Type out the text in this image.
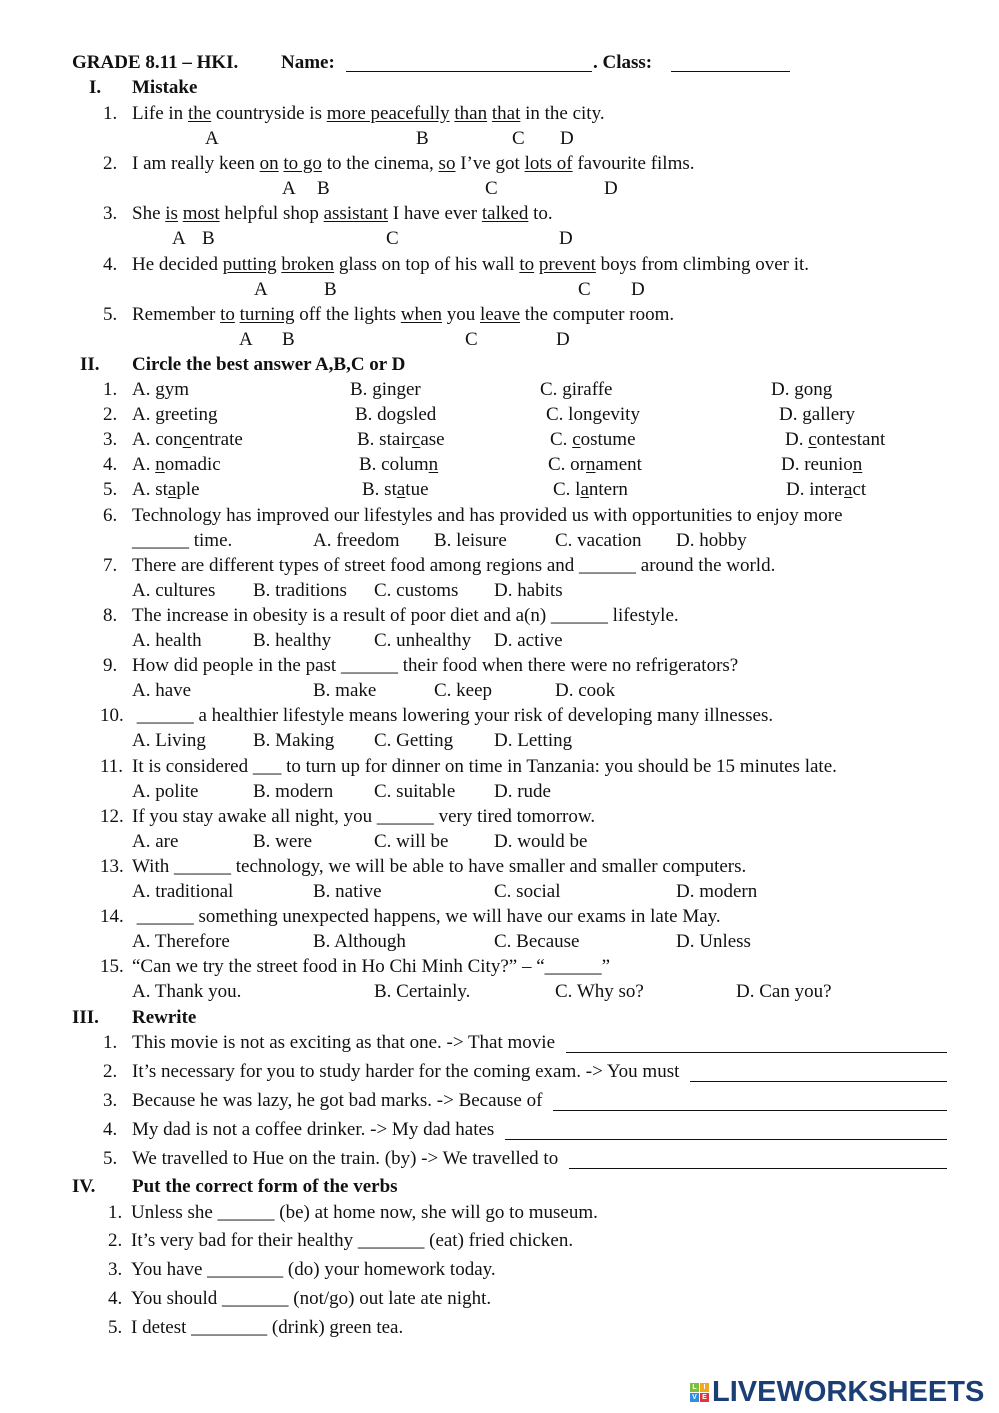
GRADE 8.11 – HKI. Name:	. Class:
L I
V E LIVEWORKSHEETS
I. Mistake
1. Life in the countryside is more peacefully than that in the city.
A	B	C D
2. I am really keen on to go to the cinema, so I’ve got lots of favourite films.
A B	C	D
3. She is most helpful shop assistant I have ever talked to.
A B	C	D
4. He decided putting broken glass on top of his wall to prevent boys from climbing over it.
A	B	C D
5. Remember to turning off the lights when you leave the computer room.
A B	C	D
II. Circle the best answer A,B,C or D
1. A. gym	B. ginger	C. giraffe	D. gong
2. A. greeting	B. dogsled	C. longevity	D. gallery
3. A. concentrate	B. staircase	C. costume	D. contestant
4. A. nomadic	B. column	C. ornament	D. reunion
5. A. staple	B. statue	C. lantern	D. interact
6. Technology has improved our lifestyles and has provided us with opportunities to enjoy more
______ time.	A. freedom B. leisure	C. vacation D. hobby
7. There are different types of street food among regions and ______ around the world.
A. cultures B. traditions C. customs D. habits
8. The increase in obesity is a result of poor diet and a(n) ______ lifestyle.
A. health	B. healthy C. unhealthy D. active
9. How did people in the past ______ their food when there were no refrigerators?
A. have	B. make	C. keep	D. cook
10. ______ a healthier lifestyle means lowering your risk of developing many illnesses.
A. Living B. Making C. Getting D. Letting
11. It is considered ___ to turn up for dinner on time in Tanzania: you should be 15 minutes late.
A. polite	B. modern C. suitable D. rude
12. If you stay awake all night, you ______ very tired tomorrow.
A. are	B. were	C. will be D. would be
13. With ______ technology, we will be able to have smaller and smaller computers.
A. traditional	B. native	C. social	D. modern
14. ______ something unexpected happens, we will have our exams in late May.
A. Therefore	B. Although	C. Because	D. Unless
15. “Can we try the street food in Ho Chi Minh City?” – “______”
A. Thank you.	B. Certainly.	C. Why so?	D. Can you?
III. Rewrite
1. This movie is not as exciting as that one. -> That movie
2. It’s necessary for you to study harder for the coming exam. -> You must
3. Because he was lazy, he got bad marks. -> Because of
4. My dad is not a coffee drinker. -> My dad hates
5. We travelled to Hue on the train. (by) -> We travelled to
IV. Put the correct form of the verbs
1. Unless she ______ (be) at home now, she will go to museum.
2. It’s very bad for their healthy _______ (eat) fried chicken.
3. You have ________ (do) your homework today.
4. You should _______ (not/go) out late ate night.
5. I detest ________ (drink) green tea.
